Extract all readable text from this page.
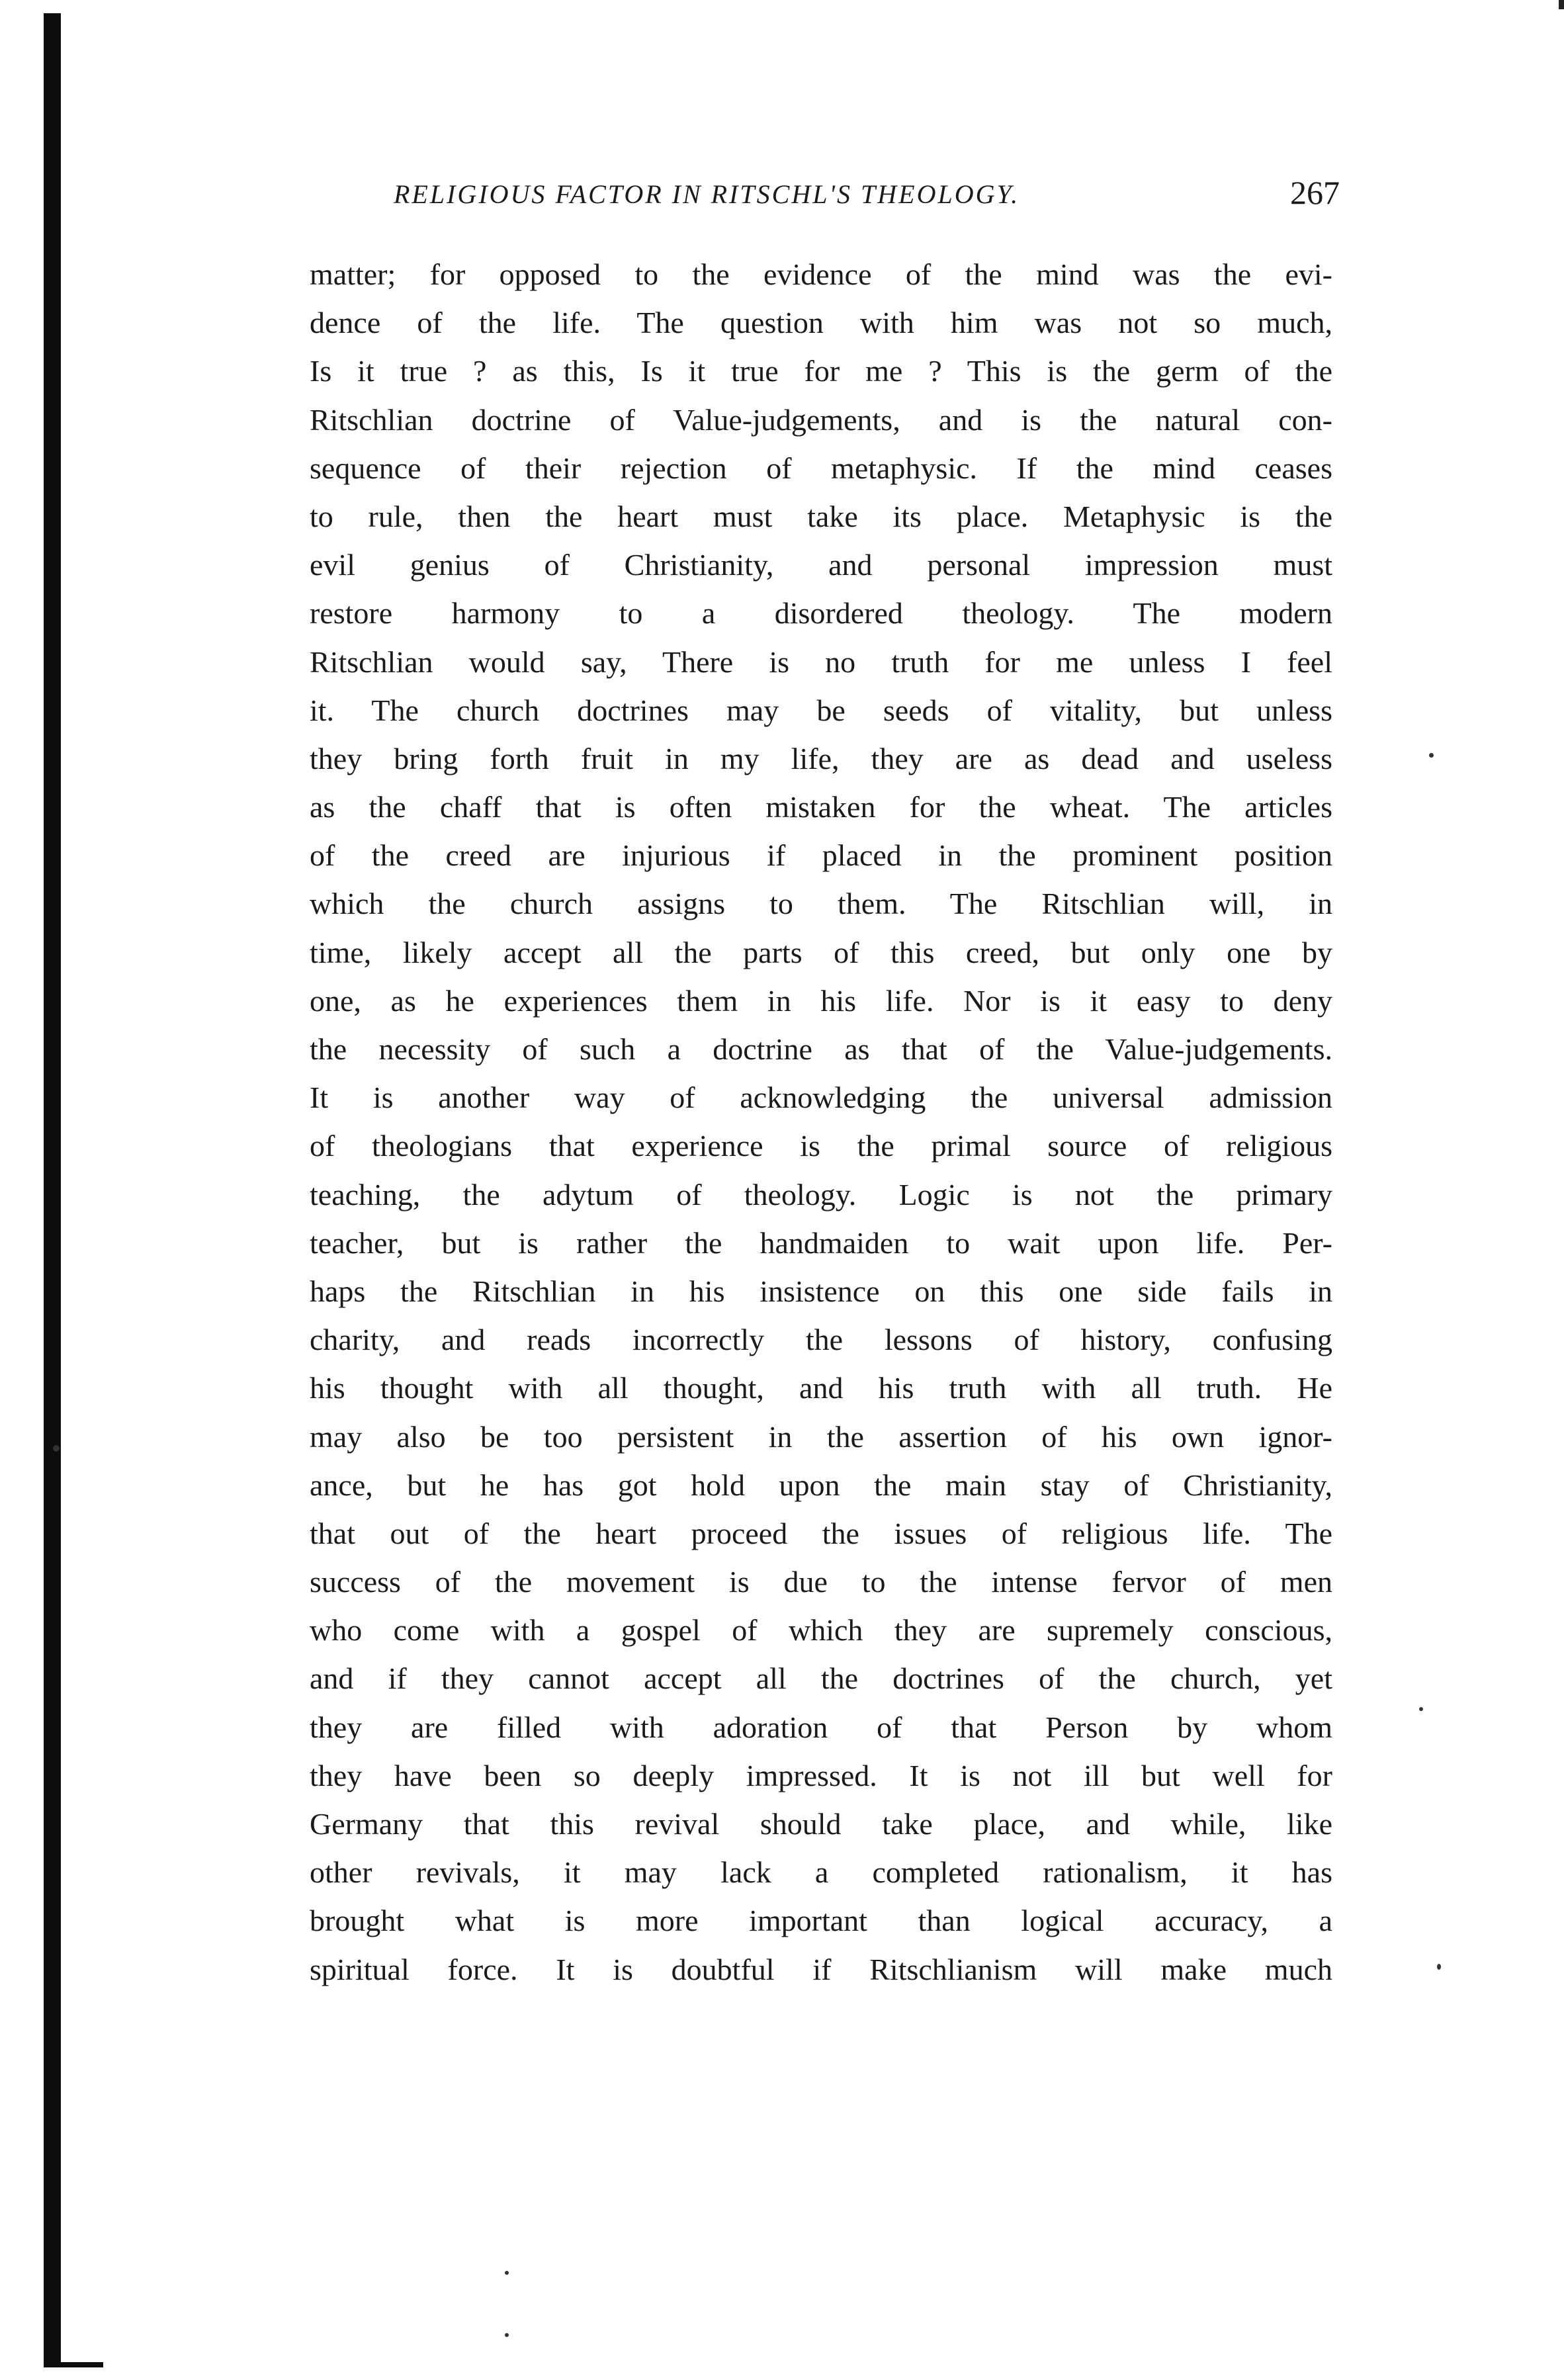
RELIGIOUS FACTOR IN RITSCHL'S THEOLOGY.	267
matter; for opposed to the evidence of the mind was the evi-
dence of the life. The question with him was not so much,
Is it true ? as this, Is it true for me ? This is the germ of the
Ritschlian doctrine of Value-judgements, and is the natural con-
sequence of their rejection of metaphysic. If the mind ceases
to rule, then the heart must take its place. Metaphysic is the
evil genius of Christianity, and personal impression must
restore harmony to a disordered theology. The modern
Ritschlian would say, There is no truth for me unless I feel
it. The church doctrines may be seeds of vitality, but unless
they bring forth fruit in my life, they are as dead and useless
as the chaff that is often mistaken for the wheat. The articles
of the creed are injurious if placed in the prominent position
which the church assigns to them. The Ritschlian will, in
time, likely accept all the parts of this creed, but only one by
one, as he experiences them in his life. Nor is it easy to deny
the necessity of such a doctrine as that of the Value-judgements.
It is another way of acknowledging the universal admission
of theologians that experience is the primal source of religious
teaching, the adytum of theology. Logic is not the primary
teacher, but is rather the handmaiden to wait upon life. Per-
haps the Ritschlian in his insistence on this one side fails in
charity, and reads incorrectly the lessons of history, confusing
his thought with all thought, and his truth with all truth. He
may also be too persistent in the assertion of his own ignor-
ance, but he has got hold upon the main stay of Christianity,
that out of the heart proceed the issues of religious life. The
success of the movement is due to the intense fervor of men
who come with a gospel of which they are supremely conscious,
and if they cannot accept all the doctrines of the church, yet
they are filled with adoration of that Person by whom
they have been so deeply impressed. It is not ill but well for
Germany that this revival should take place, and while, like
other revivals, it may lack a completed rationalism, it has
brought what is more important than logical accuracy, a
spiritual force. It is doubtful if Ritschlianism will make much
